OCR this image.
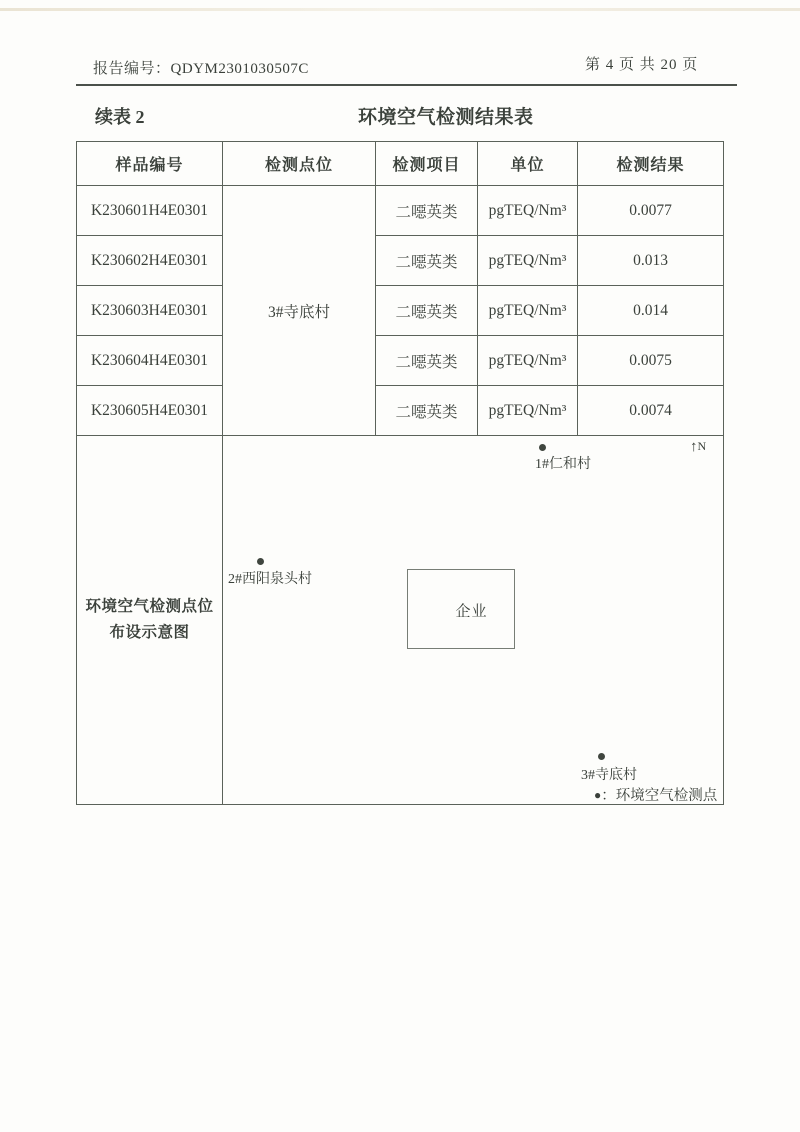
报告编号：QDYM2301030507C	第 4 页 共 20 页
续表 2	环境空气检测结果表
样品编号	检测点位	检测项目	单位	检测结果
K230601H4E0301	3#寺底村	二噁英类	pgTEQ/Nm³	0.0077
K230602H4E0301		二噁英类	pgTEQ/Nm³	0.013
K230603H4E0301		二噁英类	pgTEQ/Nm³	0.014
K230604H4E0301		二噁英类	pgTEQ/Nm³	0.0075
K230605H4E0301		二噁英类	pgTEQ/Nm³	0.0074

环境空气检测点位
布设示意图

↑$^N$
1#仁和村
2#西阳泉头村
企业
3#寺底村
●：环境空气检测点
